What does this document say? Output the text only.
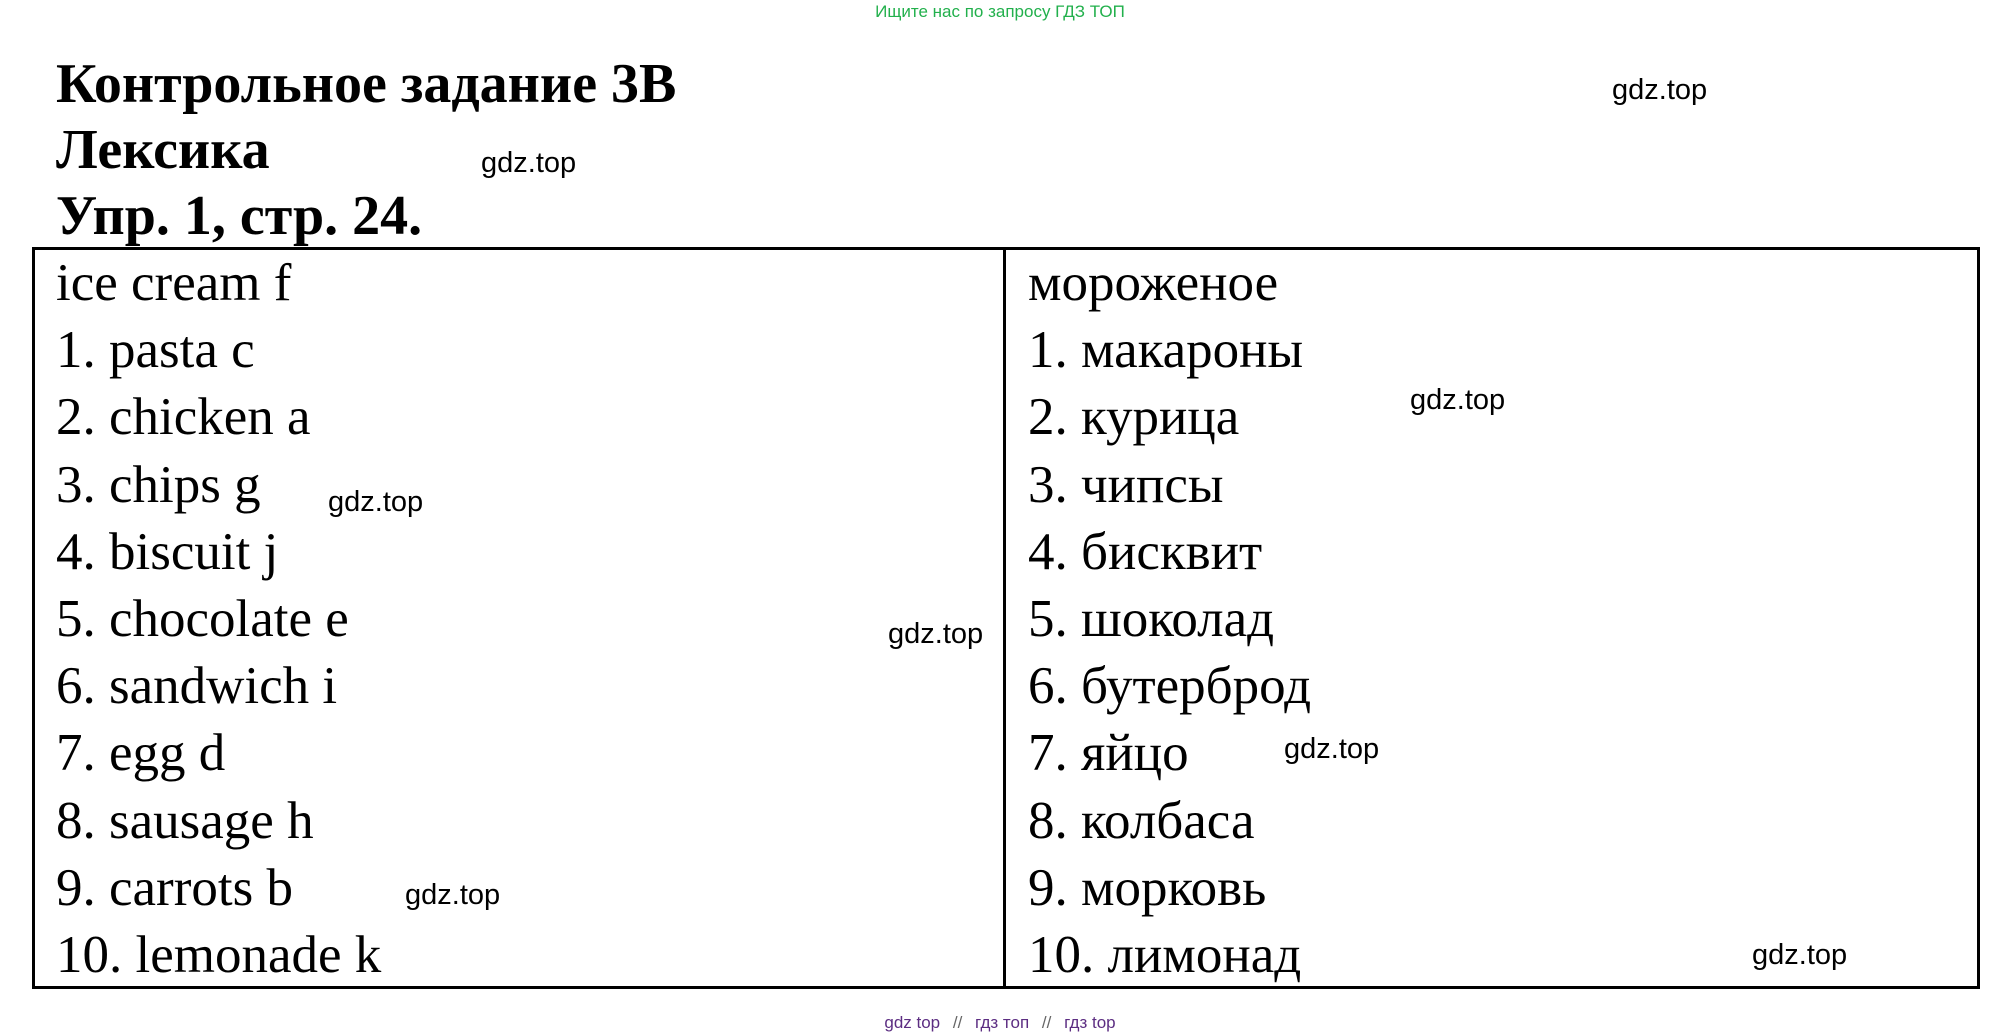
Ищите нас по запросу ГДЗ ТОП
Контрольное задание 3В
Лексика
Упр. 1, стр. 24.
gdz.top
gdz.top
ice cream f
1. pasta c
2. chicken a
3. chips g
4. biscuit j
5. chocolate e
6. sandwich i
7. egg d
8. sausage h
9. carrots b
10. lemonade k
мороженое
1. макароны
2. курица
3. чипсы
4. бисквит
5. шоколад
6. бутерброд
7. яйцо
8. колбаса
9. морковь
10. лимонад
gdz.top
gdz.top
gdz.top
gdz.top
gdz.top
gdz.top
gdz top // гдз топ // гдз top
